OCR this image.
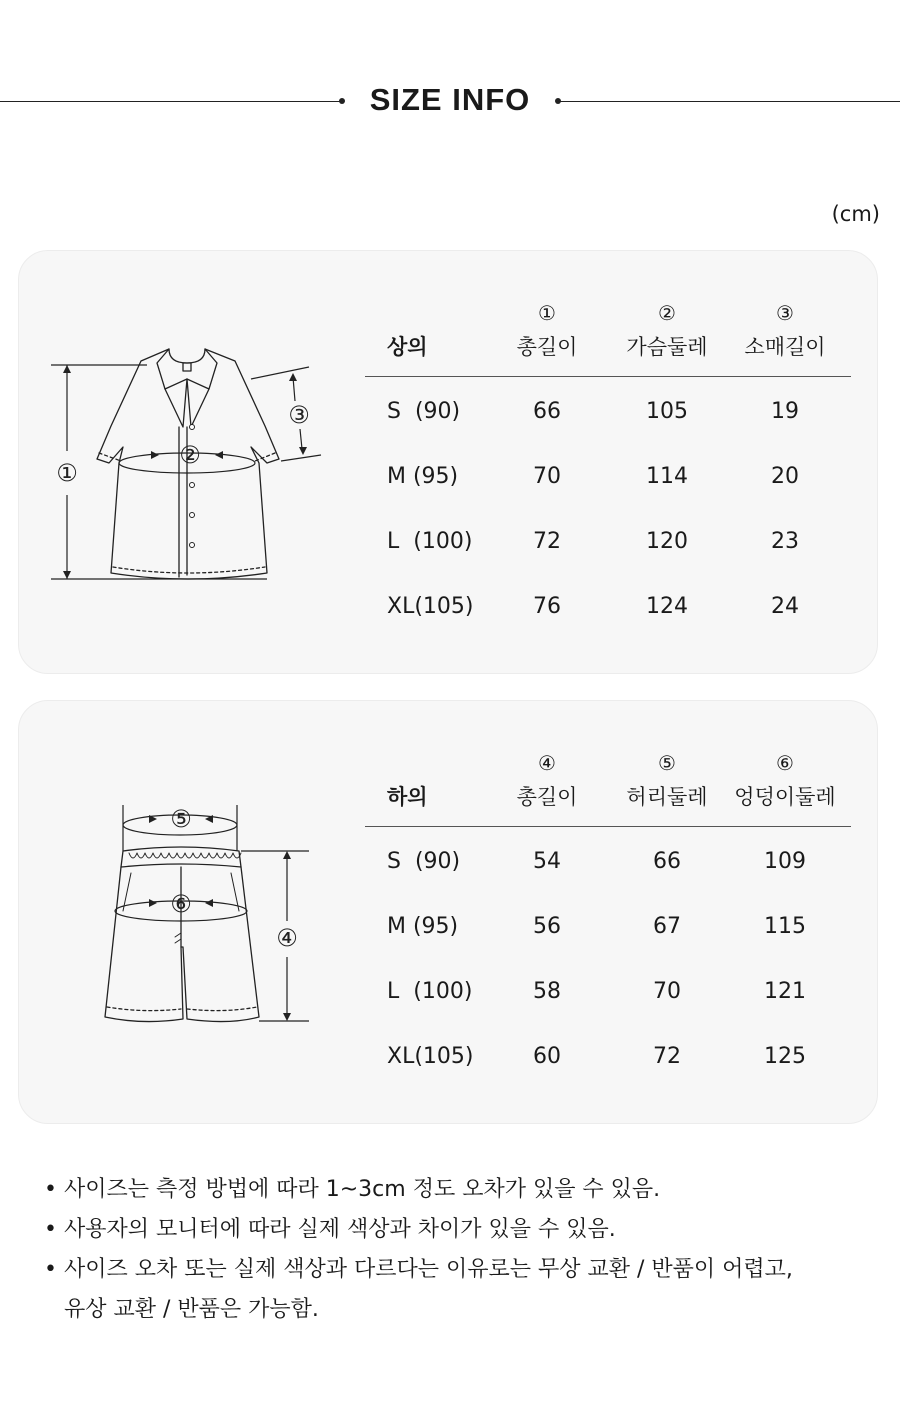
SIZE INFO
(cm)
①
②
③
상의
①	②	③
총길이	가슴둘레	소매길이
S  (90)	66	105	19
M (95)	70	114	20
L  (100)	72	120	23
XL(105)	76	124	24
④
⑤
⑥
하의
④	⑤	⑥
총길이	허리둘레	엉덩이둘레
S  (90)	54	66	109
M (95)	56	67	115
L  (100)	58	70	121
XL(105)	60	72	125
• 사이즈는 측정 방법에 따라 1~3cm 정도 오차가 있을 수 있음.
• 사용자의 모니터에 따라 실제 색상과 차이가 있을 수 있음.
• 사이즈 오차 또는 실제 색상과 다르다는 이유로는 무상 교환 / 반품이 어렵고,
유상 교환 / 반품은 가능함.
